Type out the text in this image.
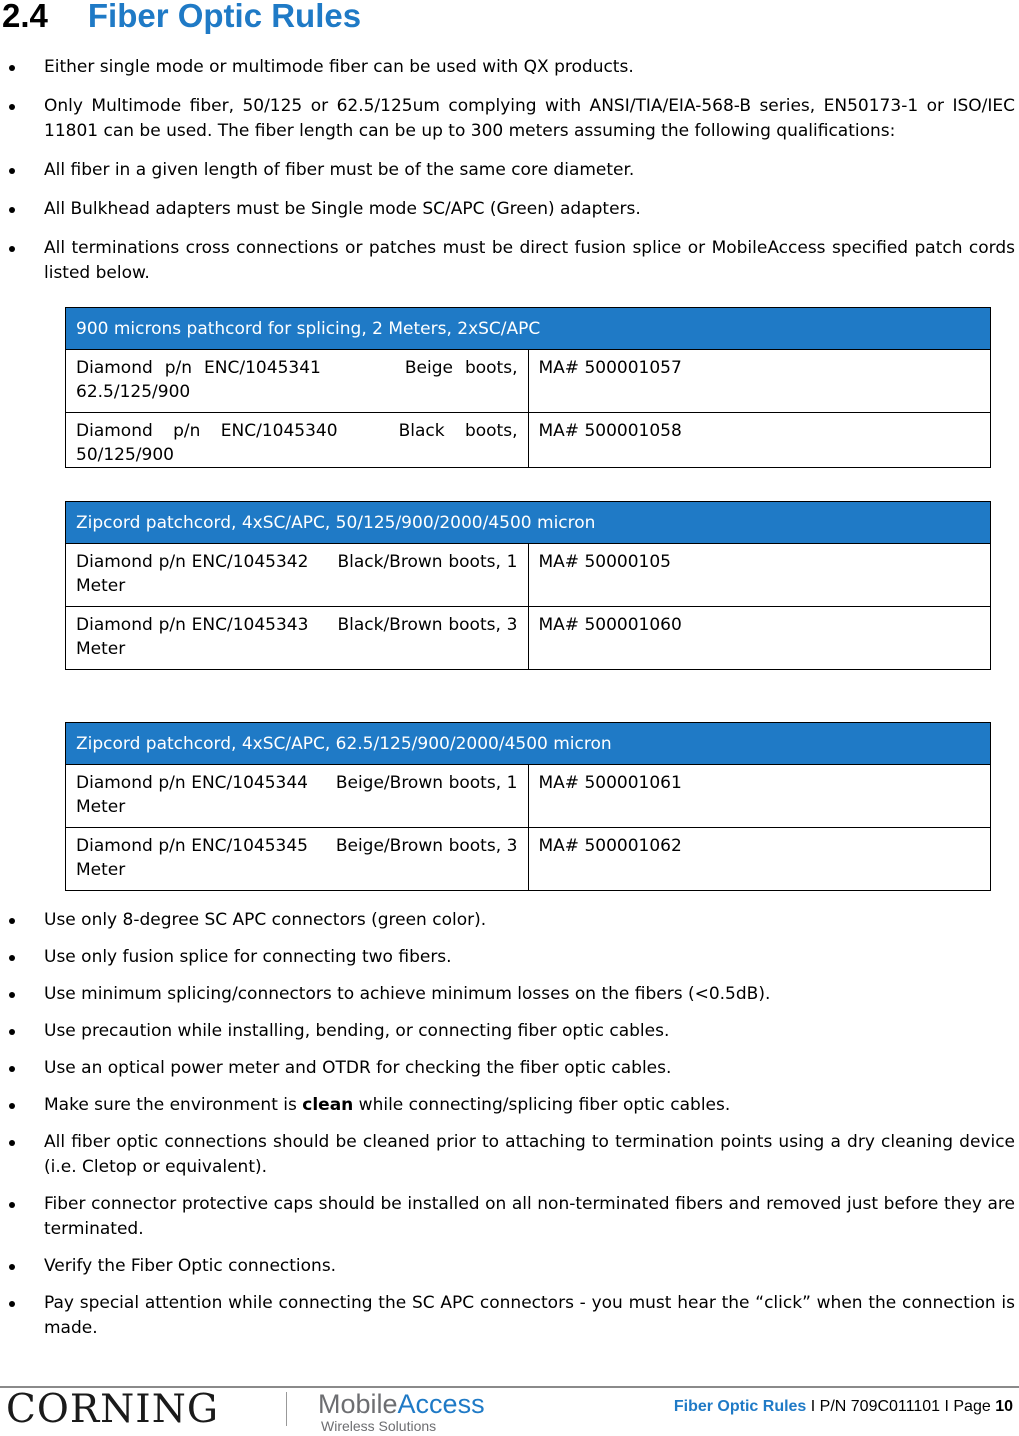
2.4 Fiber Optic Rules
Either single mode or multimode fiber can be used with QX products.
Only Multimode fiber, 50/125 or 62.5/125um complying with ANSI/TIA/EIA-568-B series, EN50173-1 or ISO/IEC 11801 can be used. The fiber length can be up to 300 meters assuming the following qualifications:
All fiber in a given length of fiber must be of the same core diameter.
All Bulkhead adapters must be Single mode SC/APC (Green) adapters.
All terminations cross connections or patches must be direct fusion splice or MobileAccess specified patch cords listed below.
900 microns pathcord for splicing, 2 Meters, 2xSC/APC	
Diamond p/n ENC/1045341       Beige boots, 62.5/125/900	MA# 500001057
Diamond p/n ENC/1045340   Black boots, 50/125/900	MA# 500001058
Zipcord patchcord, 4xSC/APC, 50/125/900/2000/4500 micron	
Diamond p/n ENC/1045342     Black/Brown boots, 1 Meter	MA# 50000105
Diamond p/n ENC/1045343     Black/Brown boots, 3 Meter	MA# 500001060
Zipcord patchcord, 4xSC/APC, 62.5/125/900/2000/4500 micron	
Diamond p/n ENC/1045344     Beige/Brown boots, 1 Meter	MA# 500001061
Diamond p/n ENC/1045345     Beige/Brown boots, 3 Meter	MA# 500001062
Use only 8-degree SC APC connectors (green color).
Use only fusion splice for connecting two fibers.
Use minimum splicing/connectors to achieve minimum losses on the fibers (<0.5dB).
Use precaution while installing, bending, or connecting fiber optic cables.
Use an optical power meter and OTDR for checking the fiber optic cables.
Make sure the environment is clean while connecting/splicing fiber optic cables.
All fiber optic connections should be cleaned prior to attaching to termination points using a dry cleaning device (i.e. Cletop or equivalent).
Fiber connector protective caps should be installed on all non-terminated fibers and removed just before they are terminated.
Verify the Fiber Optic connections.
Pay special attention while connecting the SC APC connectors - you must hear the “click” when the connection is made.
CORNING	MobileAccess
Wireless Solutions
Fiber Optic Rules I P/N 709C011101 I Page 10
